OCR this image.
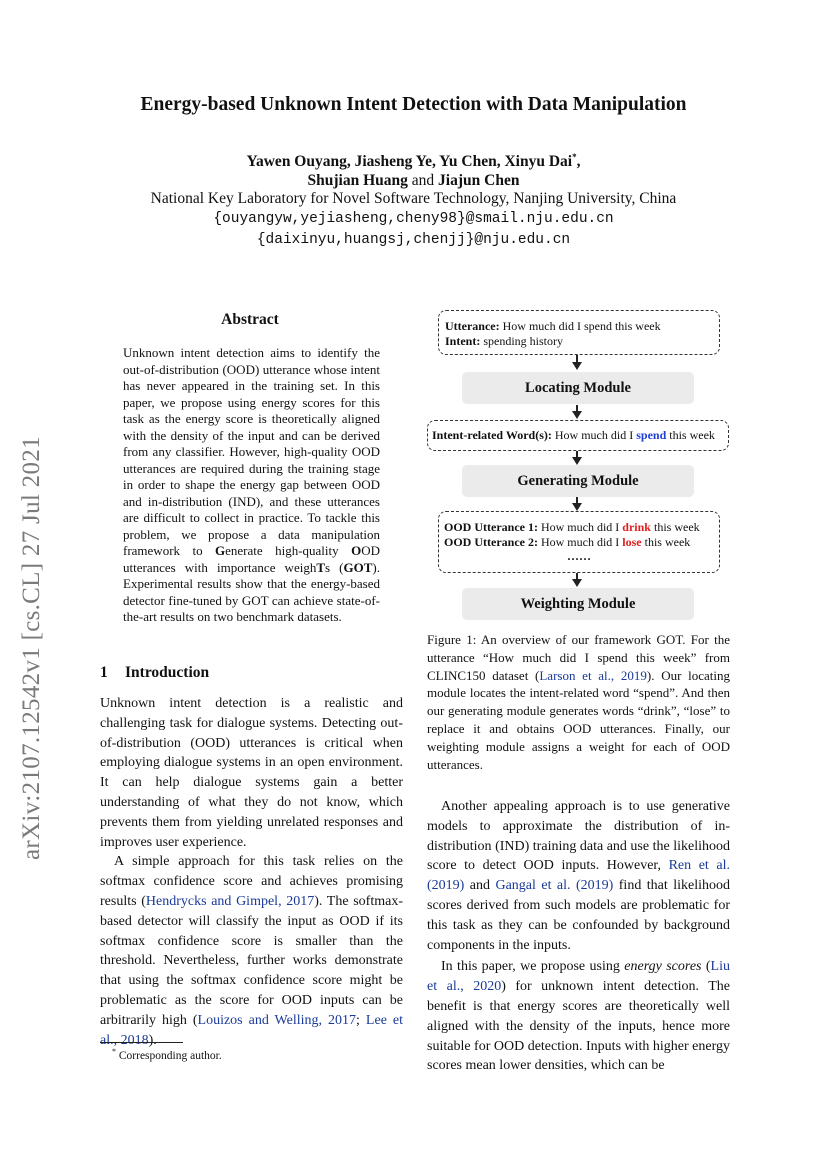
arXiv:2107.12542v1 [cs.CL] 27 Jul 2021
Energy-based Unknown Intent Detection with Data Manipulation
Yawen Ouyang, Jiasheng Ye, Yu Chen, Xinyu Dai*,
Shujian Huang and Jiajun Chen
National Key Laboratory for Novel Software Technology, Nanjing University, China
{ouyangyw,yejiasheng,cheny98}@smail.nju.edu.cn
{daixinyu,huangsj,chenjj}@nju.edu.cn
Abstract
Unknown intent detection aims to identify the out-of-distribution (OOD) utterance whose intent has never appeared in the training set. In this paper, we propose using energy scores for this task as the energy score is theoretically aligned with the density of the input and can be derived from any classifier. However, high-quality OOD utterances are required during the training stage in order to shape the energy gap between OOD and in-distribution (IND), and these utterances are difficult to collect in practice. To tackle this problem, we propose a data manipulation framework to Generate high-quality OOD utterances with importance weighTs (GOT). Experimental results show that the energy-based detector fine-tuned by GOT can achieve state-of-the-art results on two benchmark datasets.
1 Introduction

Unknown intent detection is a realistic and challenging task for dialogue systems. Detecting out-of-distribution (OOD) utterances is critical when employing dialogue systems in an open environment. It can help dialogue systems gain a better understanding of what they do not know, which prevents them from yielding unrelated responses and improves user experience.

A simple approach for this task relies on the softmax confidence score and achieves promising results (Hendrycks and Gimpel, 2017). The softmax-based detector will classify the input as OOD if its softmax confidence score is smaller than the threshold. Nevertheless, further works demonstrate that using the softmax confidence score might be problematic as the score for OOD inputs can be arbitrarily high (Louizos and Welling, 2017; Lee et al., 2018).

* Corresponding author.
Utterance: How much did I spend this week
Intent: spending history
Locating Module
Intent-related Word(s): How much did I spend this week
Generating Module
OOD Utterance 1: How much did I drink this week
OOD Utterance 2: How much did I lose this week
……
Weighting Module
Figure 1: An overview of our framework GOT. For the utterance “How much did I spend this week” from CLINC150 dataset (Larson et al., 2019). Our locating module locates the intent-related word “spend”. And then our generating module generates words “drink”, “lose” to replace it and obtains OOD utterances. Finally, our weighting module assigns a weight for each of OOD utterances.

Another appealing approach is to use generative models to approximate the distribution of in-distribution (IND) training data and use the likelihood score to detect OOD inputs. However, Ren et al. (2019) and Gangal et al. (2019) find that likelihood scores derived from such models are problematic for this task as they can be confounded by background components in the inputs.

In this paper, we propose using energy scores (Liu et al., 2020) for unknown intent detection. The benefit is that energy scores are theoretically well aligned with the density of the inputs, hence more suitable for OOD detection. Inputs with higher energy scores mean lower densities, which can be
